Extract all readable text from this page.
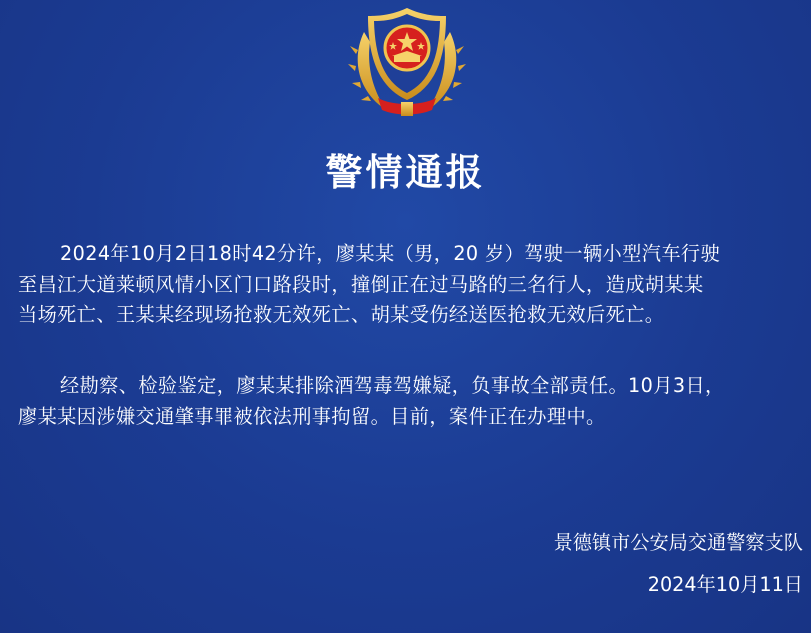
警情通报
2024年10月2日18时42分许，廖某某（男，20 岁）驾驶一辆小型汽车行驶
至昌江大道莱顿风情小区门口路段时，撞倒正在过马路的三名行人，造成胡某某
当场死亡、王某某经现场抢救无效死亡、胡某受伤经送医抢救无效后死亡。
经勘察、检验鉴定，廖某某排除酒驾毒驾嫌疑，负事故全部责任。10月3日，
廖某某因涉嫌交通肇事罪被依法刑事拘留。目前，案件正在办理中。
景德镇市公安局交通警察支队
2024年10月11日
